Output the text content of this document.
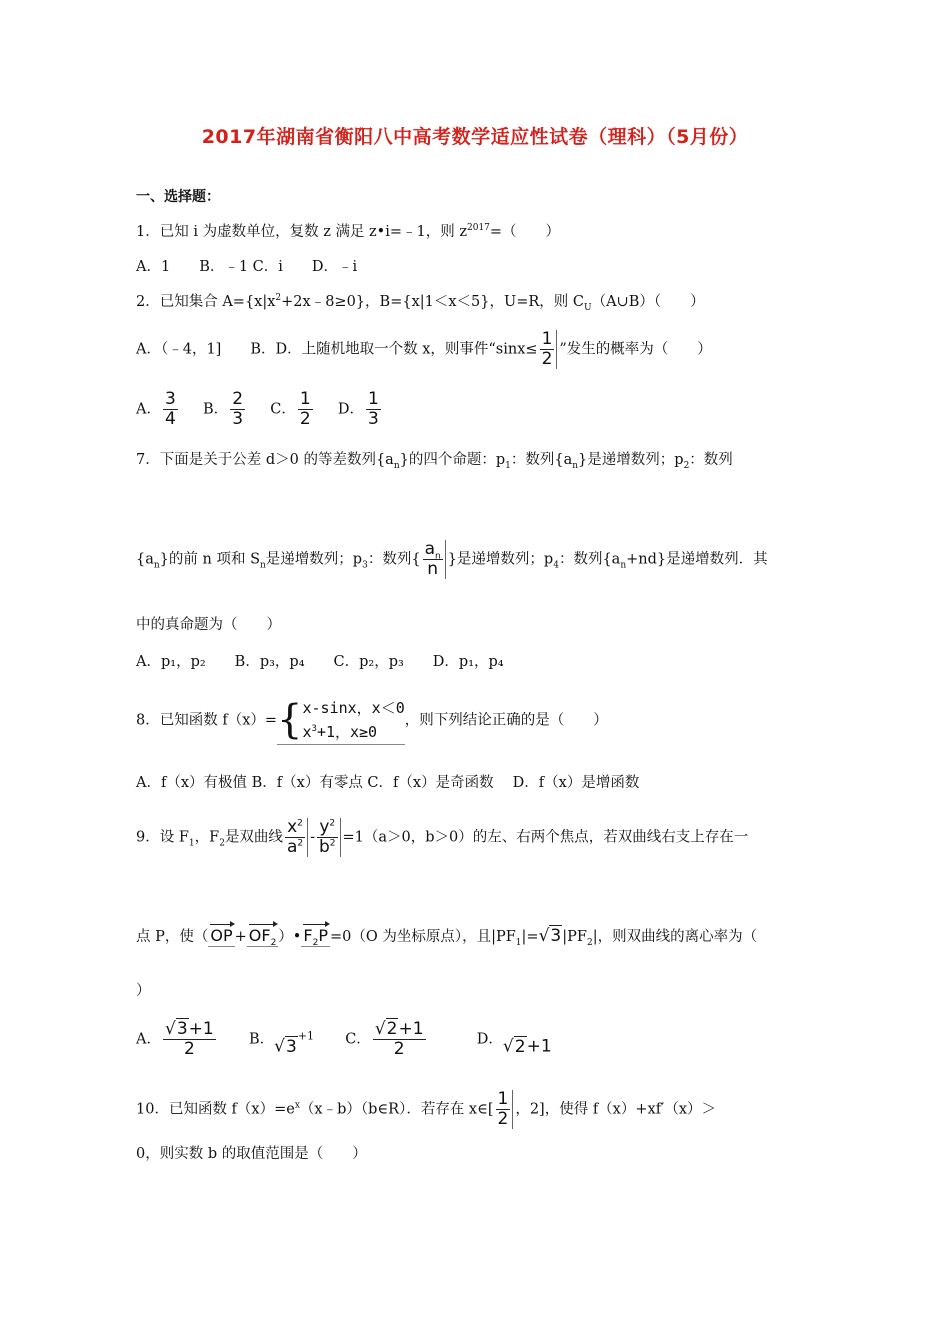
2017年湖南省衡阳八中高考数学适应性试卷（理科）（5月份）
一、选择题：
1．已知 i 为虚数单位，复数 z 满足 z•i=﹣1，则 $z^{2017}=$（　　）
A．1　　B．﹣1 C．i　　D．﹣i
2．已知集合 $A=\{x|x^2+2x﹣8\ge 0\}$，B={x|1＜x＜5}，U=R，则 $C_U(A\cup B)$（　　）
A．（﹣4，1]　　B．D．上随机地取一个数 x，则事件“$\sin x\le \frac{1}{2}$ ”发生的概率为（　　）
A． $\frac{3}{4}$ B． $\frac{2}{3}$ C． $\frac{1}{2}$ D． $\frac{1}{3}$
7．下面是关于公差 d＞0 的等差数列$\{a_n\}$的四个命题：$p_1$：数列$\{a_n\}$是递增数列；$p_2$：数列
$\{a_n\}$的前 n 项和 $S_n$是递增数列；$p_3$：数列{ $\frac{a_n}{n}$ }是递增数列；$p_4$：数列$\{a_n+nd\}$是递增数列．其
中的真命题为（　　）
A．p₁，p₂　　B．p₃，p₄　　C．p₂，p₃　　D．p₁，p₄
8．已知函数 f（x）= { x-sinx，x＜0
$x^3+1$，x≥0
，则下列结论正确的是（　　）
A．f（x）有极值 B．f（x）有零点 C．f（x）是奇函数　 D．f（x）是增函数
9．设 $F_1$，$F_2$是双曲线 $\frac{x^2}{a^2} - \frac{y^2}{b^2} =1(a>0$，b＞0）的左、右两个焦点，若双曲线右支上存在一
点 P，使（ OP + $OF_2$ ）• $F_2P =0(O$ 为坐标原点），且$|PF_1|=√3|PF_2|$，则双曲线的离心率为（
）
A． $\frac{√3+1}{2}$ B．$√3^{+1}$ C． $\frac{√2+1}{2}$	D．√2+1
10．已知函数 $f(x)=e^x(x﹣b)(b\in R)$．若存在 x∈[ $\frac{1}{2}$ ，2]，使得 f（x）+xf′（x）＞
0，则实数 b 的取值范围是（　　）
